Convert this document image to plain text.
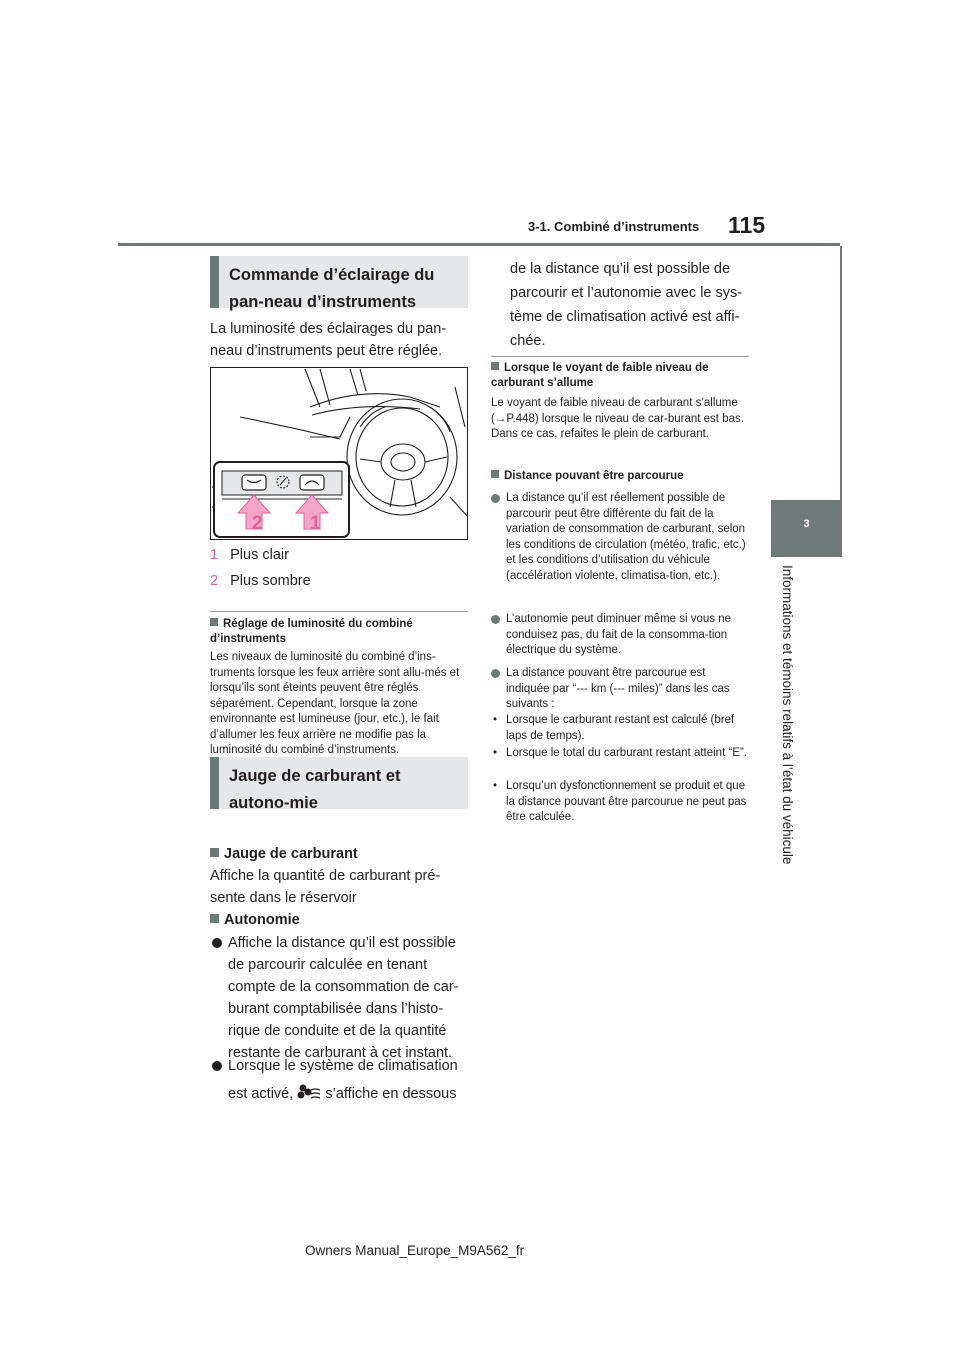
3-1. Combiné d’instruments 115
3
Informations et témoins relatifs à l’état du véhicule
Commande d’éclairage du pan-neau d’instruments
La luminosité des éclairages du pan-neau d’instruments peut être réglée.
2 1
1 Plus clair
2 Plus sombre
Réglage de luminosité du combiné d’instruments
Les niveaux de luminosité du combiné d’ins-truments lorsque les feux arrière sont allu-més et lorsqu’ils sont éteints peuvent être réglés séparément. Cependant, lorsque la zone environnante est lumineuse (jour, etc.), le fait d’allumer les feux arrière ne modifie pas la luminosité du combiné d’instruments.
Jauge de carburant et autono-mie
Jauge de carburant
Affiche la quantité de carburant pré-sente dans le réservoir
Autonomie
Affiche la distance qu’il est possible de parcourir calculée en tenant compte de la consommation de car-burant comptabilisée dans l’histo-rique de conduite et de la quantité restante de carburant à cet instant.
Lorsque le système de climatisation
est activé, s’affiche en dessous
de la distance qu’il est possible de parcourir et l’autonomie avec le sys-tème de climatisation activé est affi-chée.
Lorsque le voyant de faible niveau de carburant s’allume
Le voyant de faible niveau de carburant s’allume (→P.448) lorsque le niveau de car-burant est bas. Dans ce cas, refaites le plein de carburant.
Distance pouvant être parcourue
La distance qu’il est réellement possible de parcourir peut être différente du fait de la variation de consommation de carburant, selon les conditions de circulation (météo, trafic, etc.) et les conditions d’utilisation du véhicule (accélération violente, climatisa-tion, etc.).
L’autonomie peut diminuer même si vous ne conduisez pas, du fait de la consomma-tion électrique du système.
La distance pouvant être parcourue est indiquée par “--- km (--- miles)” dans les cas suivants :
• Lorsque le carburant restant est calculé (bref laps de temps).
• Lorsque le total du carburant restant atteint “E”.
• Lorsqu’un dysfonctionnement se produit et que la distance pouvant être parcourue ne peut pas être calculée.
Owners Manual_Europe_M9A562_fr
